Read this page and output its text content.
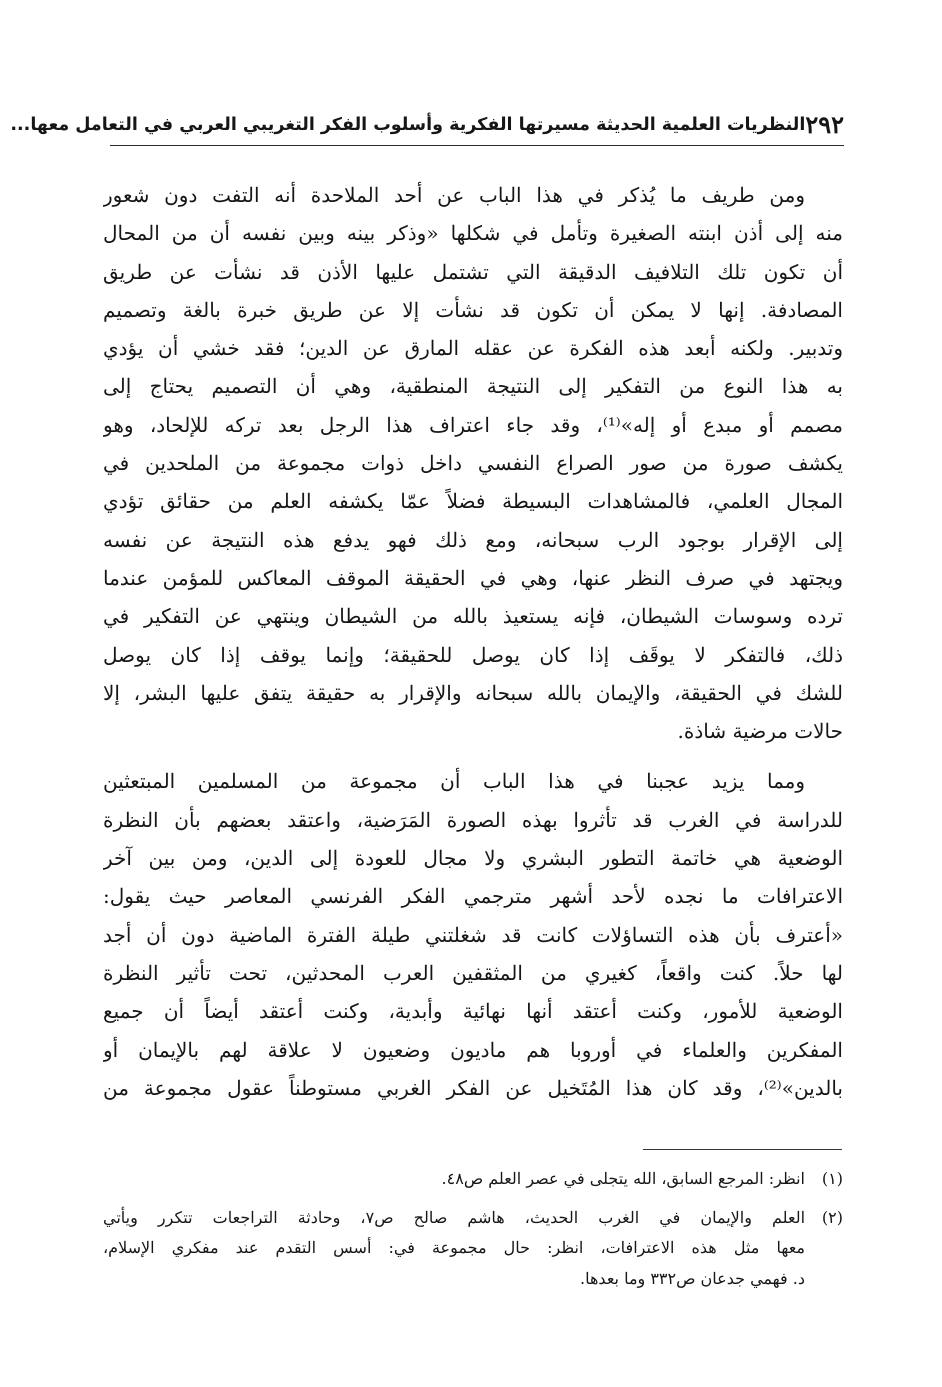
٢٩٢
النظريات العلمية الحديثة مسيرتها الفكرية وأسلوب الفكر التغريبي العربي في التعامل معها...
ومن طريف ما يُذكر في هذا الباب عن أحد الملاحدة أنه التفت دون شعور
منه إلى أذن ابنته الصغيرة وتأمل في شكلها «وذكر بينه وبين نفسه أن من المحال
أن تكون تلك التلافيف الدقيقة التي تشتمل عليها الأذن قد نشأت عن طريق
المصادفة. إنها لا يمكن أن تكون قد نشأت إلا عن طريق خبرة بالغة وتصميم
وتدبير. ولكنه أبعد هذه الفكرة عن عقله المارق عن الدين؛ فقد خشي أن يؤدي
به هذا النوع من التفكير إلى النتيجة المنطقية، وهي أن التصميم يحتاج إلى
مصمم أو مبدع أو إله»⁽¹⁾، وقد جاء اعتراف هذا الرجل بعد تركه للإلحاد، وهو
يكشف صورة من صور الصراع النفسي داخل ذوات مجموعة من الملحدين في
المجال العلمي، فالمشاهدات البسيطة فضلاً عمّا يكشفه العلم من حقائق تؤدي
إلى الإقرار بوجود الرب سبحانه، ومع ذلك فهو يدفع هذه النتيجة عن نفسه
ويجتهد في صرف النظر عنها، وهي في الحقيقة الموقف المعاكس للمؤمن عندما
ترده وسوسات الشيطان، فإنه يستعيذ بالله من الشيطان وينتهي عن التفكير في
ذلك، فالتفكر لا يوقَف إذا كان يوصل للحقيقة؛ وإنما يوقف إذا كان يوصل
للشك في الحقيقة، والإيمان بالله سبحانه والإقرار به حقيقة يتفق عليها البشر، إلا
حالات مرضية شاذة.
ومما يزيد عجبنا في هذا الباب أن مجموعة من المسلمين المبتعثين
للدراسة في الغرب قد تأثروا بهذه الصورة المَرَضية، واعتقد بعضهم بأن النظرة
الوضعية هي خاتمة التطور البشري ولا مجال للعودة إلى الدين، ومن بين آخر
الاعترافات ما نجده لأحد أشهر مترجمي الفكر الفرنسي المعاصر حيث يقول:
«أعترف بأن هذه التساؤلات كانت قد شغلتني طيلة الفترة الماضية دون أن أجد
لها حلاً. كنت واقعاً، كغيري من المثقفين العرب المحدثين، تحت تأثير النظرة
الوضعية للأمور، وكنت أعتقد أنها نهائية وأبدية، وكنت أعتقد أيضاً أن جميع
المفكرين والعلماء في أوروبا هم ماديون وضعيون لا علاقة لهم بالإيمان أو
بالدين»⁽²⁾، وقد كان هذا المُتَخيل عن الفكر الغربي مستوطناً عقول مجموعة من
(١)
انظر: المرجع السابق، الله يتجلى في عصر العلم ص٤٨.
(٢)
العلم والإيمان في الغرب الحديث، هاشم صالح ص٧، وحادثة التراجعات تتكرر ويأتي
معها مثل هذه الاعترافات، انظر: حال مجموعة في: أسس التقدم عند مفكري الإسلام،
د. فهمي جدعان ص٣٣٢ وما بعدها.
